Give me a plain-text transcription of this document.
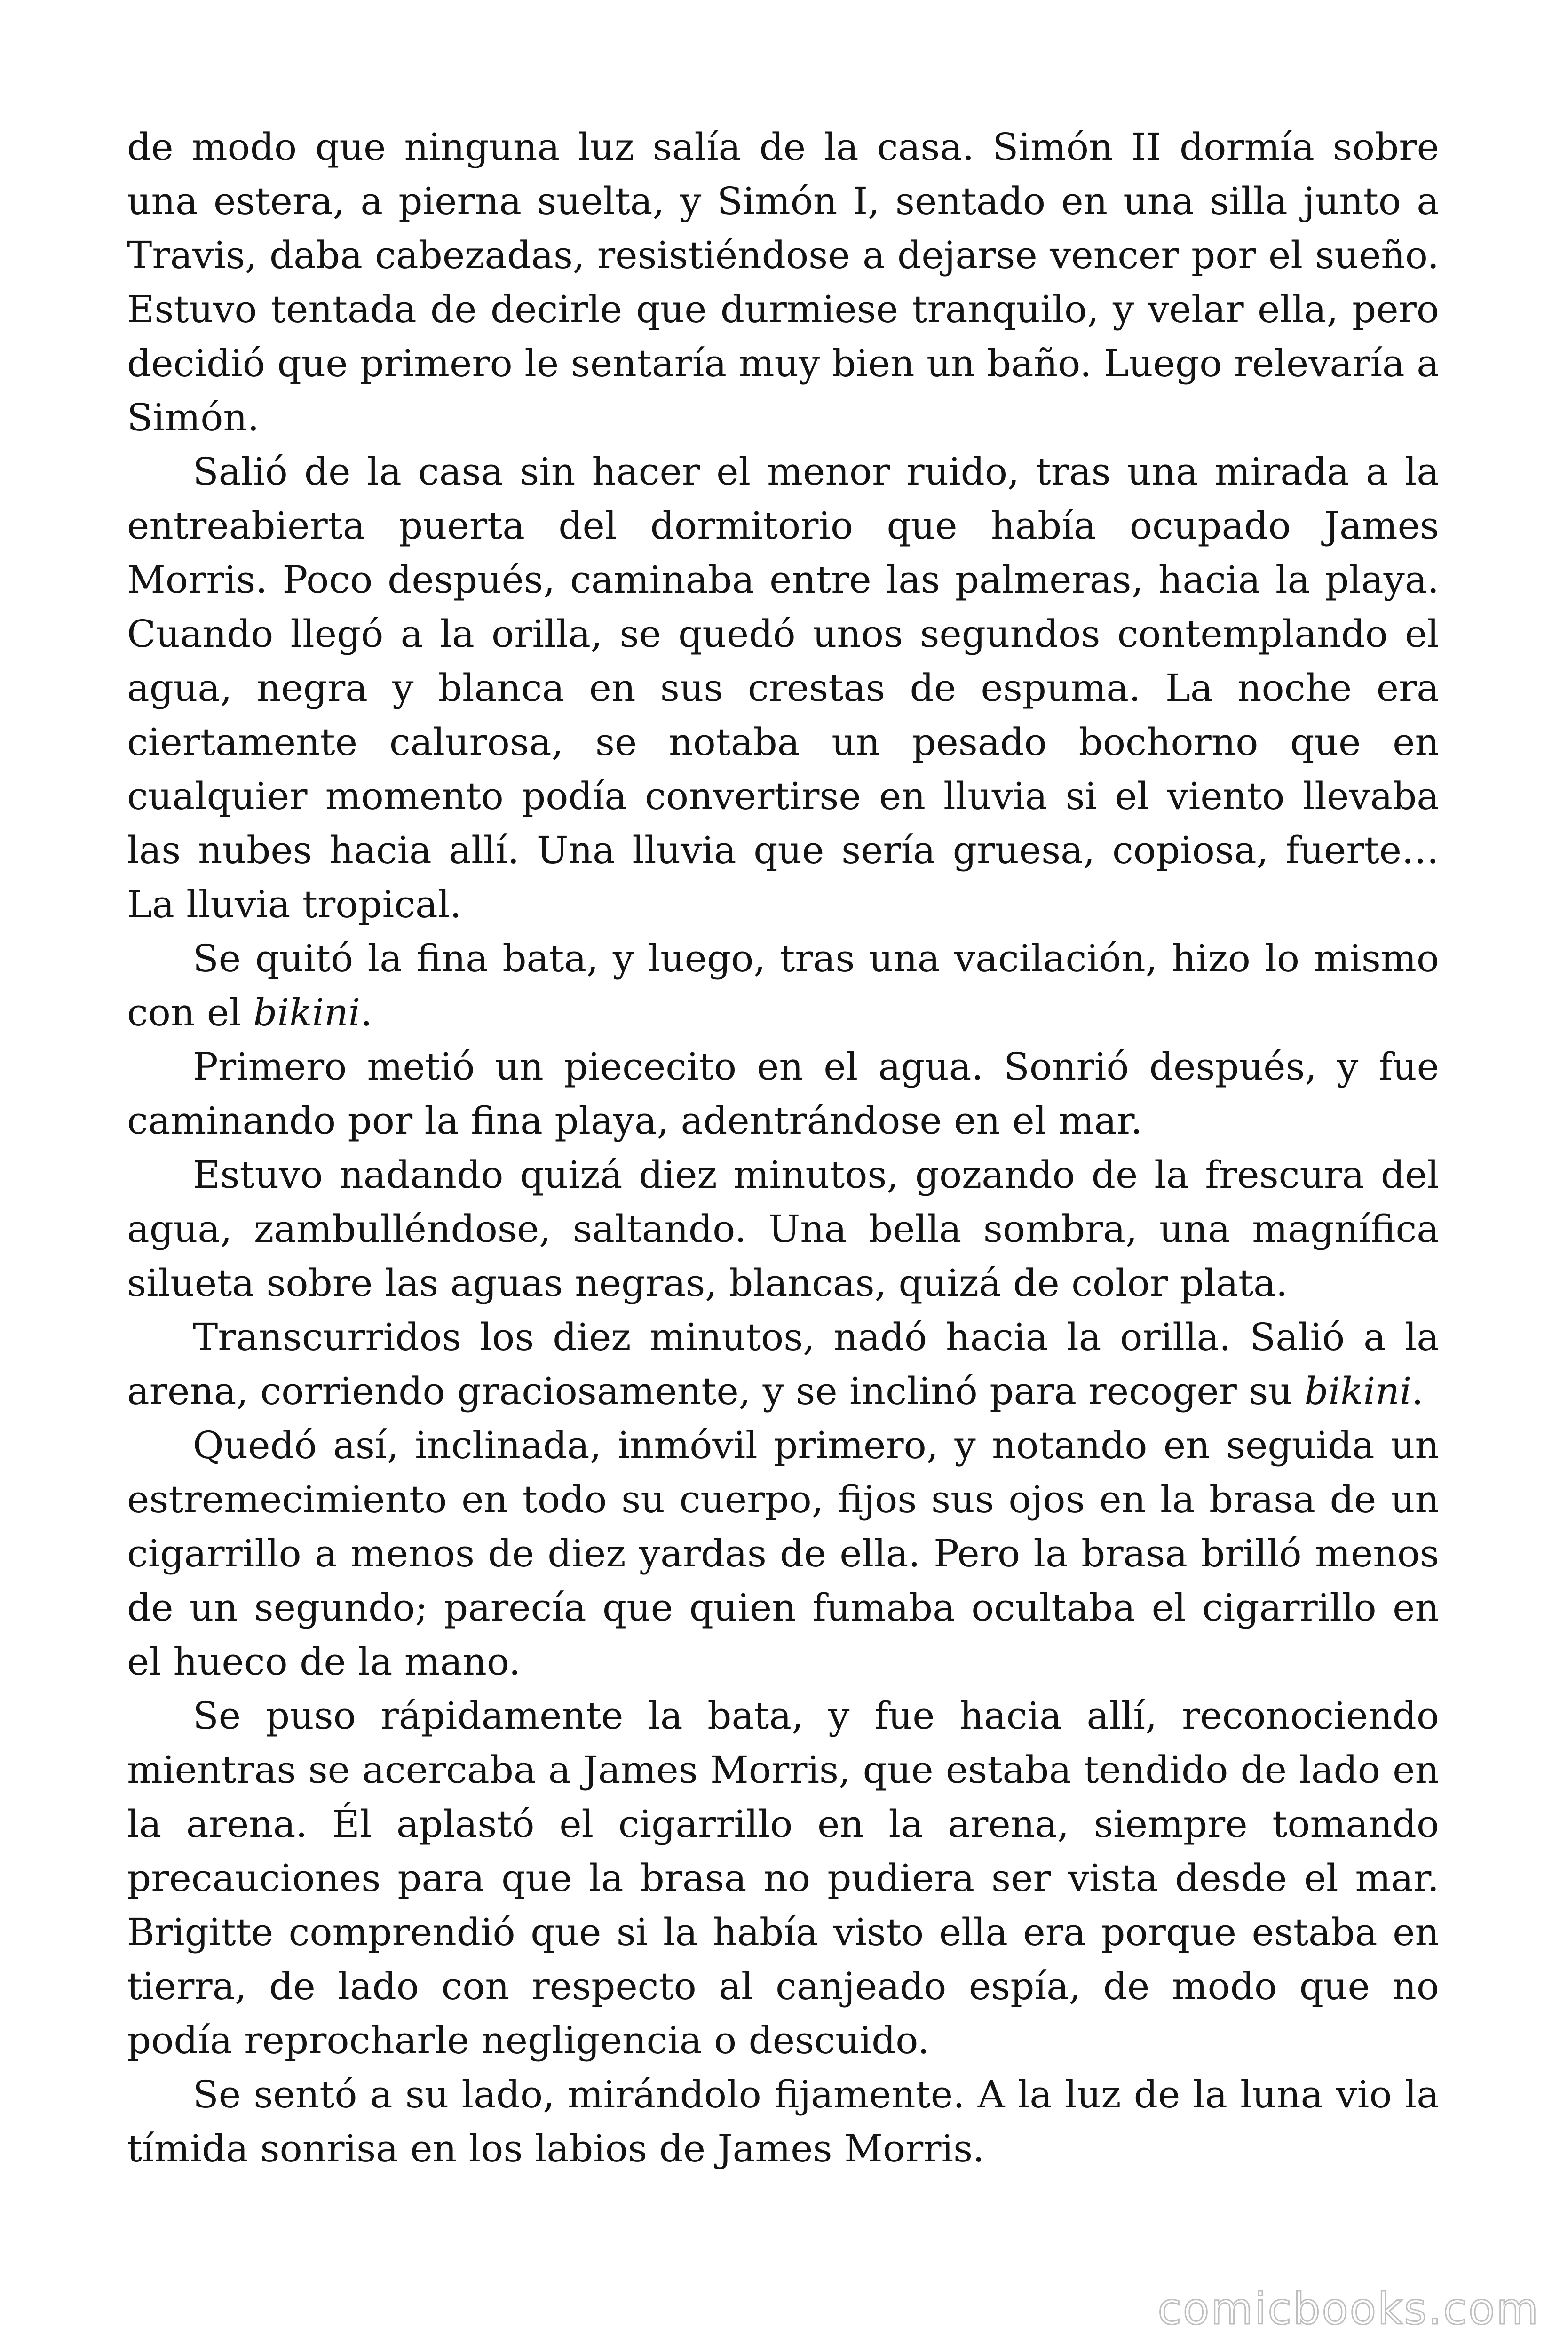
de modo que ninguna luz salía de la casa. Simón II dormía sobre una estera, a pierna suelta, y Simón I, sentado en una silla junto a Travis, daba cabezadas, resistiéndose a dejarse vencer por el sueño. Estuvo tentada de decirle que durmiese tranquilo, y velar ella, pero decidió que primero le sentaría muy bien un baño. Luego relevaría a Simón.

Salió de la casa sin hacer el menor ruido, tras una mirada a la entreabierta puerta del dormitorio que había ocupado James Morris. Poco después, caminaba entre las palmeras, hacia la playa. Cuando llegó a la orilla, se quedó unos segundos contemplando el agua, negra y blanca en sus crestas de espuma. La noche era ciertamente calurosa, se notaba un pesado bochorno que en cualquier momento podía convertirse en lluvia si el viento llevaba las nubes hacia allí. Una lluvia que sería gruesa, copiosa, fuerte… La lluvia tropical.

Se quitó la fina bata, y luego, tras una vacilación, hizo lo mismo con el bikini.

Primero metió un piececito en el agua. Sonrió después, y fue caminando por la fina playa, adentrándose en el mar.

Estuvo nadando quizá diez minutos, gozando de la frescura del agua, zambulléndose, saltando. Una bella sombra, una magnífica silueta sobre las aguas negras, blancas, quizá de color plata.

Transcurridos los diez minutos, nadó hacia la orilla. Salió a la arena, corriendo graciosamente, y se inclinó para recoger su bikini.

Quedó así, inclinada, inmóvil primero, y notando en seguida un estremecimiento en todo su cuerpo, fijos sus ojos en la brasa de un cigarrillo a menos de diez yardas de ella. Pero la brasa brilló menos de un segundo; parecía que quien fumaba ocultaba el cigarrillo en el hueco de la mano.

Se puso rápidamente la bata, y fue hacia allí, reconociendo mientras se acercaba a James Morris, que estaba tendido de lado en la arena. Él aplastó el cigarrillo en la arena, siempre tomando precauciones para que la brasa no pudiera ser vista desde el mar. Brigitte comprendió que si la había visto ella era porque estaba en tierra, de lado con respecto al canjeado espía, de modo que no podía reprocharle negligencia o descuido.

Se sentó a su lado, mirándolo fijamente. A la luz de la luna vio la tímida sonrisa en los labios de James Morris.

comicbooks.com
